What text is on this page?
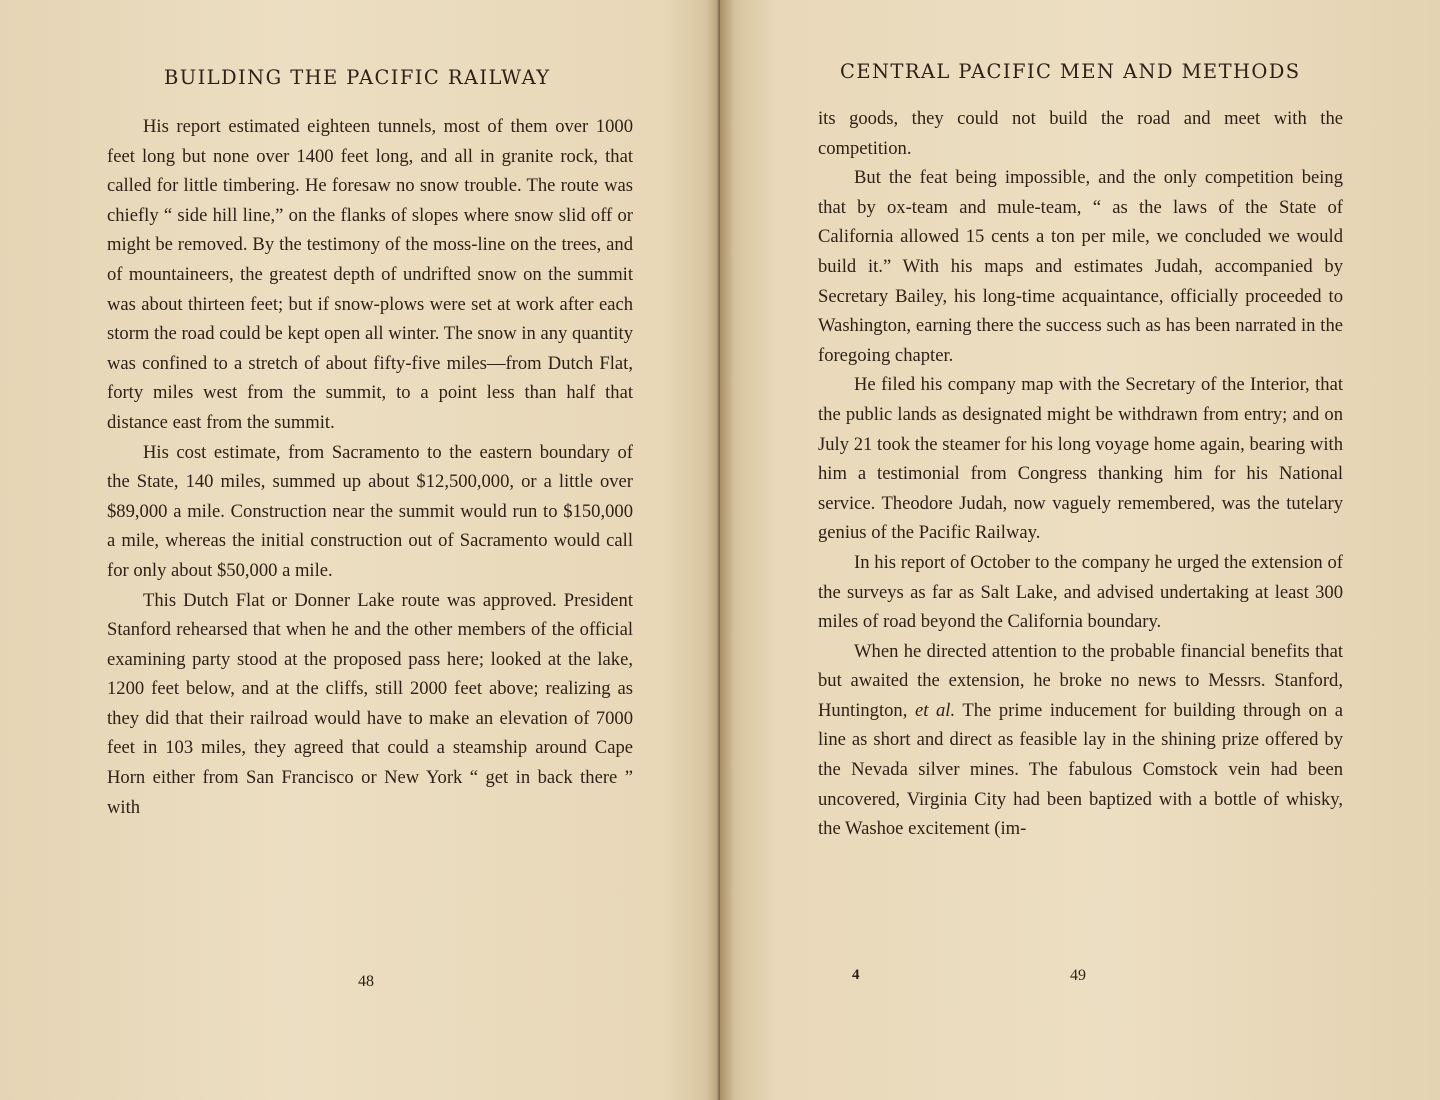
BUILDING THE PACIFIC RAILWAY

His report estimated eighteen tunnels, most of them over 1000 feet long but none over 1400 feet long, and all in granite rock, that called for little timbering. He foresaw no snow trouble. The route was chiefly “ side hill line,” on the flanks of slopes where snow slid off or might be removed. By the testimony of the moss-line on the trees, and of mountaineers, the greatest depth of undrifted snow on the summit was about thirteen feet; but if snow-plows were set at work after each storm the road could be kept open all winter. The snow in any quantity was confined to a stretch of about fifty-five miles—from Dutch Flat, forty miles west from the summit, to a point less than half that distance east from the summit.

His cost estimate, from Sacramento to the eastern boundary of the State, 140 miles, summed up about $12,500,000, or a little over $89,000 a mile. Construction near the summit would run to $150,000 a mile, whereas the initial construction out of Sacramento would call for only about $50,000 a mile.

This Dutch Flat or Donner Lake route was approved. President Stanford rehearsed that when he and the other members of the official examining party stood at the proposed pass here; looked at the lake, 1200 feet below, and at the cliffs, still 2000 feet above; realizing as they did that their railroad would have to make an elevation of 7000 feet in 103 miles, they agreed that could a steamship around Cape Horn either from San Francisco or New York “ get in back there ” with

48
CENTRAL PACIFIC MEN AND METHODS

its goods, they could not build the road and meet with the competition.

But the feat being impossible, and the only competition being that by ox-team and mule-team, “ as the laws of the State of California allowed 15 cents a ton per mile, we concluded we would build it.” With his maps and estimates Judah, accompanied by Secretary Bailey, his long-time acquaintance, officially proceeded to Washington, earning there the success such as has been narrated in the foregoing chapter.

He filed his company map with the Secretary of the Interior, that the public lands as designated might be withdrawn from entry; and on July 21 took the steamer for his long voyage home again, bearing with him a testimonial from Congress thanking him for his National service. Theodore Judah, now vaguely remembered, was the tutelary genius of the Pacific Railway.

In his report of October to the company he urged the extension of the surveys as far as Salt Lake, and advised undertaking at least 300 miles of road beyond the California boundary.

When he directed attention to the probable financial benefits that but awaited the extension, he broke no news to Messrs. Stanford, Huntington, et al. The prime inducement for building through on a line as short and direct as feasible lay in the shining prize offered by the Nevada silver mines. The fabulous Comstock vein had been uncovered, Virginia City had been baptized with a bottle of whisky, the Washoe excitement (im-

4	49
